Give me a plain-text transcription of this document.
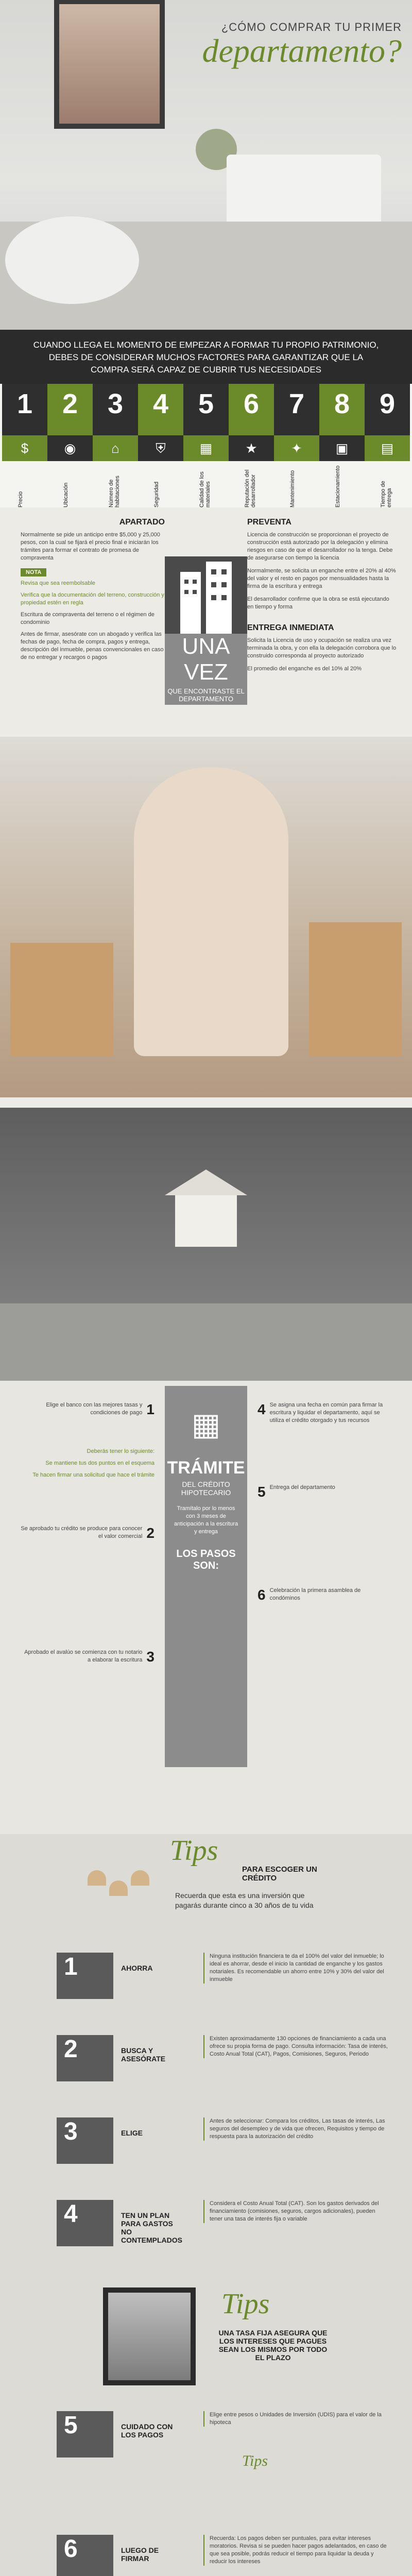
¿CÓMO COMPRAR TU PRIMER
departamento?
CUANDO LLEGA EL MOMENTO DE EMPEZAR A FORMAR TU PROPIO PATRIMONIO, DEBES DE CONSIDERAR MUCHOS FACTORES PARA GARANTIZAR QUE LA COMPRA SERÁ CAPAZ DE CUBRIR TUS NECESIDADES
1
$
Precio
2
◉
Ubicación
3
⌂
Número de habitaciones
4
⛨
Seguridad
5
▦
Calidad de los materiales
6
★
Reputación del desarrollador
7
✦
Mantenimiento
8
▣
Estacionamiento
9
▤
Tiempo de entrega
APARTADO
Normalmente se pide un anticipo entre $5,000 y 25,000 pesos, con la cual se fijará el precio final e iniciarán los trámites para formar el contrato de promesa de compraventa
NOTA
Revisa que sea reembolsable
Verifica que la documentación del terreno, construcción y propiedad estén en regla
Escritura de compraventa del terreno o el régimen de condominio
Antes de firmar, asesórate con un abogado y verifica las fechas de pago, fecha de compra, pagos y entrega, descripción del inmueble, penas convencionales en caso de no entregar y recargos o pagos	UNA VEZ
QUE ENCONTRASTE EL DEPARTAMENTO
PREVENTA
Licencia de construcción se proporcionan el proyecto de construcción está autorizado por la delegación y elimina riesgos en caso de que el desarrollador no la tenga. Debe de asegurarse con tiempo la licencia
Normalmente, se solicita un enganche entre el 20% al 40% del valor y el resto en pagos por mensualidades hasta la firma de la escritura y entrega
El desarrollador confirme que la obra se está ejecutando en tiempo y forma
ENTREGA INMEDIATA
Solicita la Licencia de uso y ocupación se realiza una vez terminada la obra, y con ella la delegación corrobora que lo construido corresponda al proyecto autorizado
El promedio del enganche es del 10% al 20%
▦
TRÁMITE
DEL CRÉDITO HIPOTECARIO
Tramítalo por lo menos con 3 meses de anticipación a la escritura y entrega
LOS PASOS SON:
1
Elige el banco con las mejores tasas y condiciones de pago
Deberás tener lo siguiente:
Se mantiene tus dos puntos en el esquema
Te hacen firmar una solicitud que hace el trámite
2
Se aprobado tu crédito se produce para conocer el valor comercial
3
Aprobado el avalúo se comienza con tu notario a elaborar la escritura
4 Se asigna una fecha en común para firmar la escritura y liquidar el departamento, aquí se utiliza el crédito otorgado y tus recursos
5 Entrega del departamento
6 Celebración la primera asamblea de condóminos
Tips
PARA ESCOGER UN CRÉDITO
Recuerda que esta es una inversión que pagarás durante cinco a 30 años de tu vida
1	AHORRA
Ninguna institución financiera te da el 100% del valor del inmueble; lo ideal es ahorrar, desde el inicio la cantidad de enganche y los gastos notariales. Es recomendable un ahorro entre 10% y 30% del valor del inmueble
2	BUSCA Y ASESÓRATE
Existen aproximadamente 130 opciones de financiamiento a cada una ofrece su propia forma de pago. Consulta información: Tasa de interés, Costo Anual Total (CAT), Pagos, Comisiones, Seguros, Periodo
3	ELIGE
Antes de seleccionar: Compara los créditos, Las tasas de interés, Las seguros del desempleo y de vida que ofrecen, Requisitos y tiempo de respuesta para la autorización del crédito
4	TEN UN PLAN PARA GASTOS NO CONTEMPLADOS
Considera el Costo Anual Total (CAT). Son los gastos derivados del financiamiento (comisiones, seguros, cargos adicionales), pueden tener una tasa de interés fija o variable
Tips
UNA TASA FIJA ASEGURA QUE LOS INTERESES QUE PAGUES SEAN LOS MISMOS POR TODO EL PLAZO
5	CUIDADO CON LOS PAGOS
Elige entre pesos o Unidades de Inversión (UDIS) para el valor de la hipoteca
6	LUEGO DE FIRMAR
Recuerda: Los pagos deben ser puntuales, para evitar intereses moratorios. Revisa si se pueden hacer pagos adelantados, en caso de que sea posible, podrás reducir el tiempo para liquidar la deuda y reducir los intereses
Tips
